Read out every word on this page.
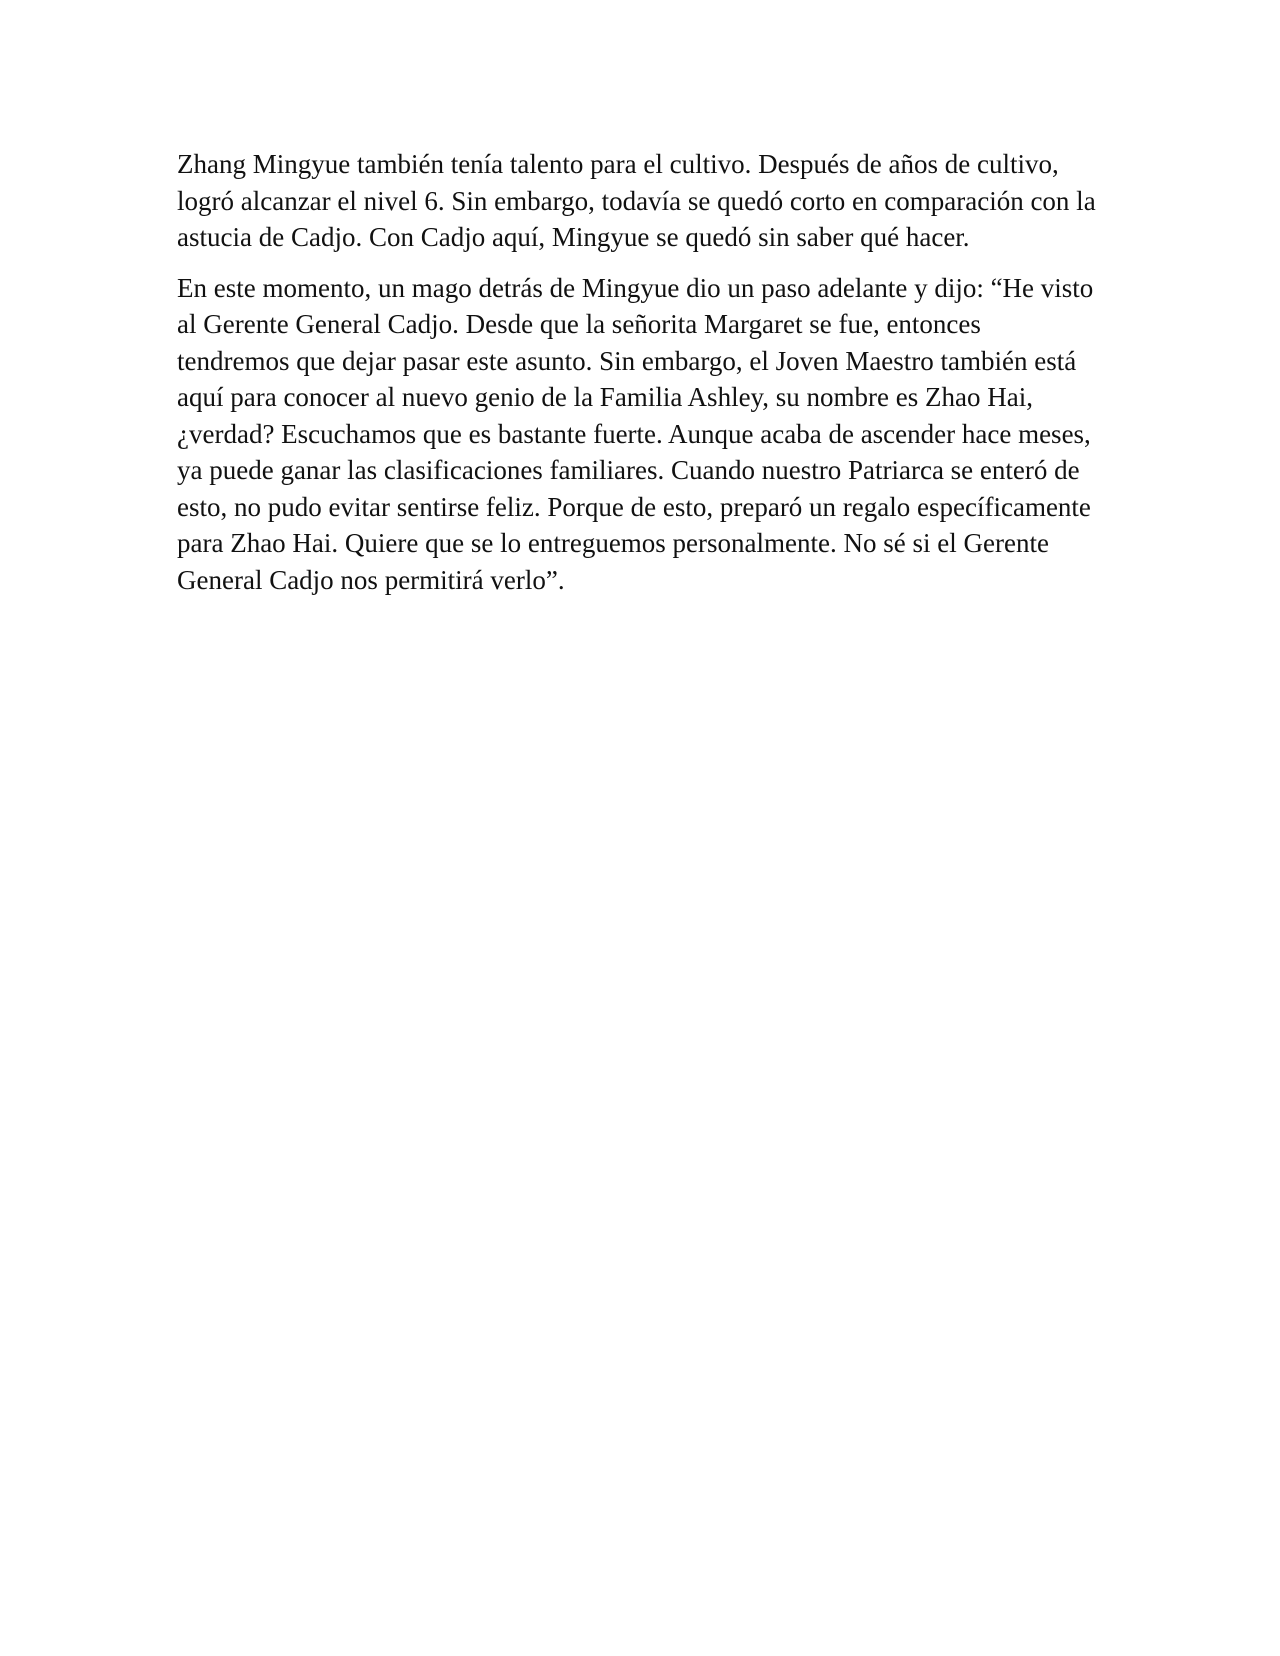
Zhang Mingyue también tenía talento para el cultivo. Después de años de cultivo, logró alcanzar el nivel 6. Sin embargo, todavía se quedó corto en comparación con la astucia de Cadjo. Con Cadjo aquí, Mingyue se quedó sin saber qué hacer.

En este momento, un mago detrás de Mingyue dio un paso adelante y dijo: “He visto al Gerente General Cadjo. Desde que la señorita Margaret se fue, entonces tendremos que dejar pasar este asunto. Sin embargo, el Joven Maestro también está aquí para conocer al nuevo genio de la Familia Ashley, su nombre es Zhao Hai, ¿verdad? Escuchamos que es bastante fuerte. Aunque acaba de ascender hace meses, ya puede ganar las clasificaciones familiares. Cuando nuestro Patriarca se enteró de esto, no pudo evitar sentirse feliz. Porque de esto, preparó un regalo específicamente para Zhao Hai. Quiere que se lo entreguemos personalmente. No sé si el Gerente General Cadjo nos permitirá verlo”.
